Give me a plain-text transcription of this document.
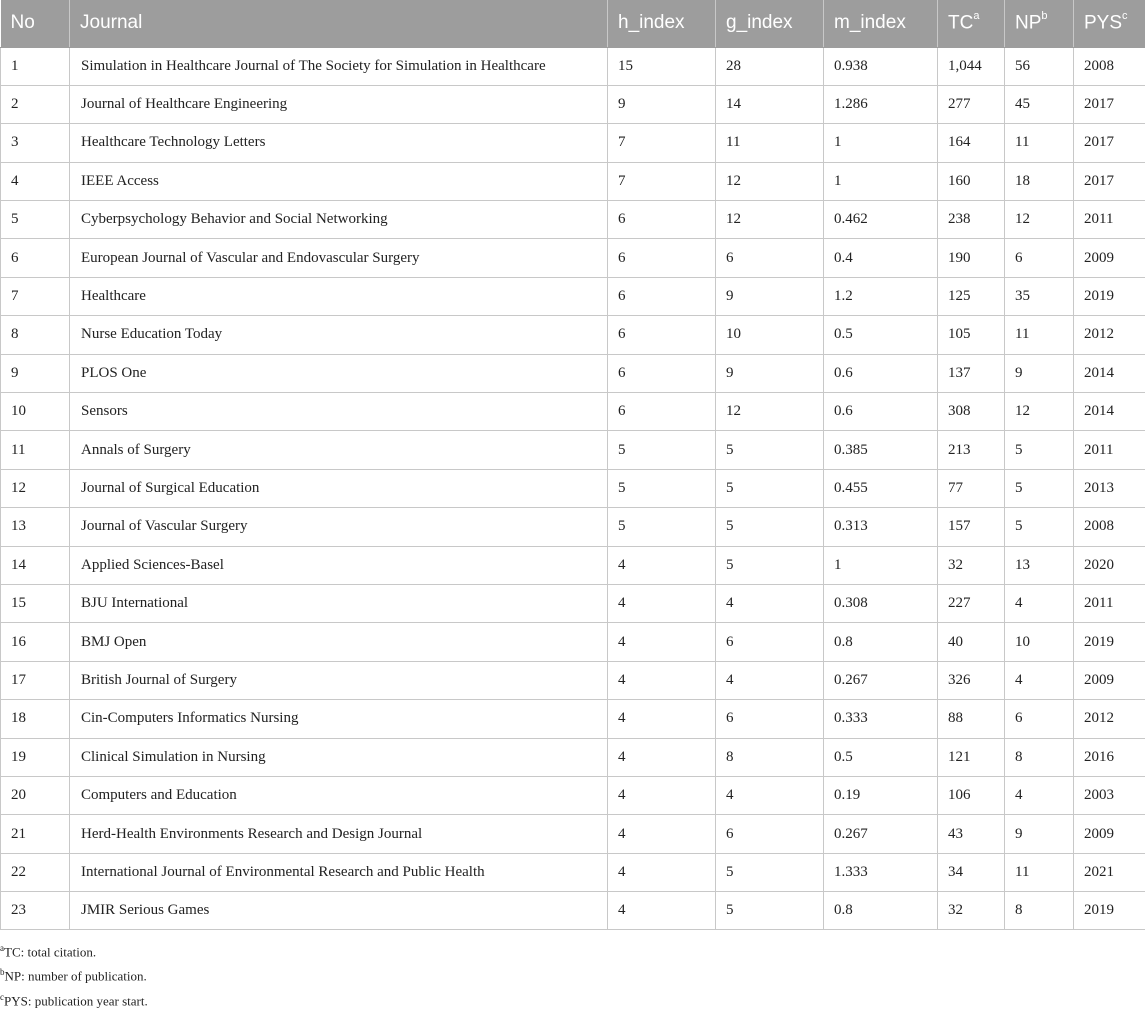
No	Journal	h_index	g_index	m_index	$TC^a$	$NP^b$	PYS$^c$
1	Simulation in Healthcare Journal of The Society for Simulation in Healthcare	15	28	0.938	1,044	56	2008
2	Journal of Healthcare Engineering	9	14	1.286	277	45	2017
3	Healthcare Technology Letters	7	11	1	164	11	2017
4	IEEE Access	7	12	1	160	18	2017
5	Cyberpsychology Behavior and Social Networking	6	12	0.462	238	12	2011
6	European Journal of Vascular and Endovascular Surgery	6	6	0.4	190	6	2009
7	Healthcare	6	9	1.2	125	35	2019
8	Nurse Education Today	6	10	0.5	105	11	2012
9	PLOS One	6	9	0.6	137	9	2014
10	Sensors	6	12	0.6	308	12	2014
11	Annals of Surgery	5	5	0.385	213	5	2011
12	Journal of Surgical Education	5	5	0.455	77	5	2013
13	Journal of Vascular Surgery	5	5	0.313	157	5	2008
14	Applied Sciences-Basel	4	5	1	32	13	2020
15	BJU International	4	4	0.308	227	4	2011
16	BMJ Open	4	6	0.8	40	10	2019
17	British Journal of Surgery	4	4	0.267	326	4	2009
18	Cin-Computers Informatics Nursing	4	6	0.333	88	6	2012
19	Clinical Simulation in Nursing	4	8	0.5	121	8	2016
20	Computers and Education	4	4	0.19	106	4	2003
21	Herd-Health Environments Research and Design Journal	4	6	0.267	43	9	2009
22	International Journal of Environmental Research and Public Health	4	5	1.333	34	11	2021
23	JMIR Serious Games	4	5	0.8	32	8	2019
$^a$TC: total citation.
$^b$NP: number of publication.
$^c$PYS: publication year start.
